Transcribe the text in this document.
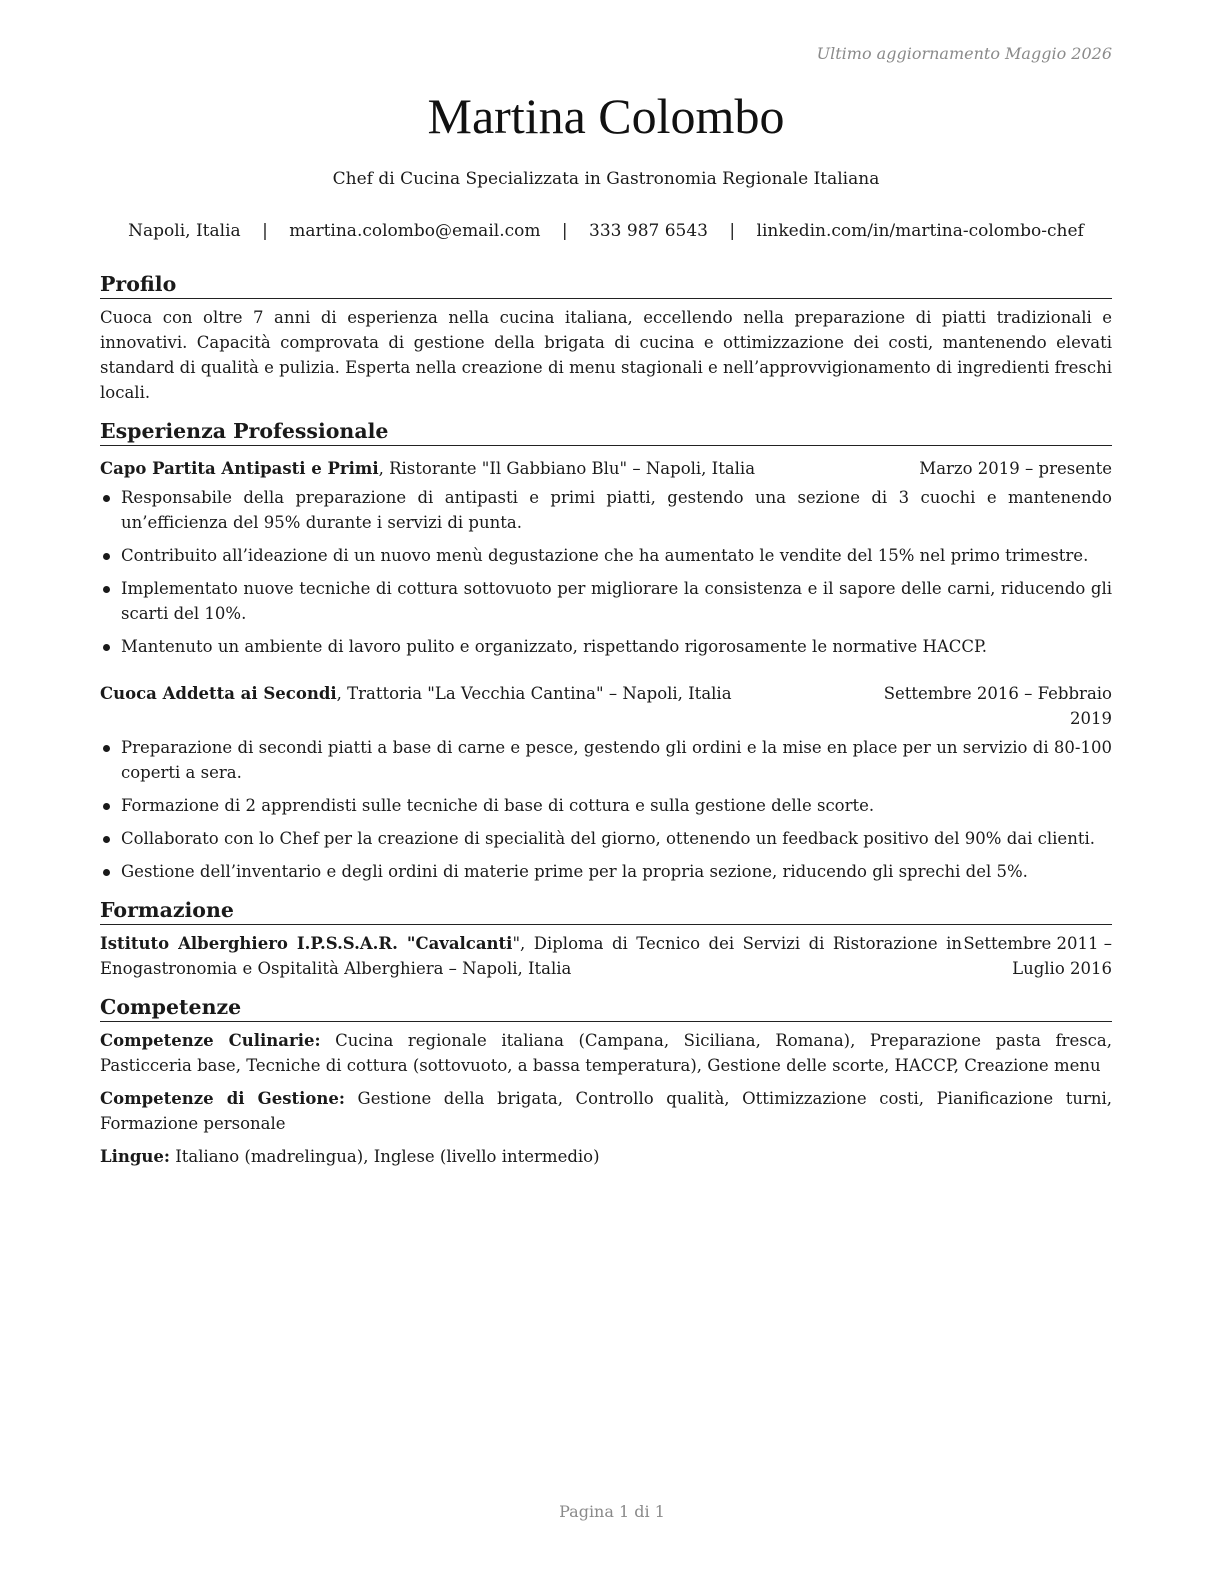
Ultimo aggiornamento Maggio 2026
Martina Colombo
Chef di Cucina Specializzata in Gastronomia Regionale Italiana
Napoli, Italia | martina.colombo@email.com | 333 987 6543 | linkedin.com/in/martina-colombo-chef
Profilo

Cuoca con oltre 7 anni di esperienza nella cucina italiana, eccellendo nella preparazione di piatti tradizionali e innovativi. Capacità comprovata di gestione della brigata di cucina e ottimizzazione dei costi, mantenendo elevati standard di qualità e pulizia. Esperta nella creazione di menu stagionali e nell’approvvigionamento di ingredienti freschi locali.

Esperienza Professionale
Capo Partita Antipasti e Primi, Ristorante "Il Gabbiano Blu" – Napoli, Italia	Marzo 2019 – presente
Responsabile della preparazione di antipasti e primi piatti, gestendo una sezione di 3 cuochi e mantenendo un’efficienza del 95% durante i servizi di punta.
Contribuito all’ideazione di un nuovo menù degustazione che ha aumentato le vendite del 15% nel primo trimestre.
Implementato nuove tecniche di cottura sottovuoto per migliorare la consistenza e il sapore delle carni, riducendo gli scarti del 10%.
Mantenuto un ambiente di lavoro pulito e organizzato, rispettando rigorosamente le normative HACCP.
Cuoca Addetta ai Secondi, Trattoria "La Vecchia Cantina" – Napoli, Italia	Settembre 2016 – Febbraio 2019
Preparazione di secondi piatti a base di carne e pesce, gestendo gli ordini e la mise en place per un servizio di 80-100 coperti a sera.
Formazione di 2 apprendisti sulle tecniche di base di cottura e sulla gestione delle scorte.
Collaborato con lo Chef per la creazione di specialità del giorno, ottenendo un feedback positivo del 90% dai clienti.
Gestione dell’inventario e degli ordini di materie prime per la propria sezione, riducendo gli sprechi del 5%.
Formazione
Istituto Alberghiero I.P.S.S.A.R. "Cavalcanti", Diploma di Tecnico dei Servizi di Ristorazione in Enogastronomia e Ospitalità Alberghiera – Napoli, Italia
Settembre 2011 – Luglio 2016
Competenze

Competenze Culinarie: Cucina regionale italiana (Campana, Siciliana, Romana), Preparazione pasta fresca, Pasticceria base, Tecniche di cottura (sottovuoto, a bassa temperatura), Gestione delle scorte, HACCP, Creazione menu

Competenze di Gestione: Gestione della brigata, Controllo qualità, Ottimizzazione costi, Pianificazione turni, Formazione personale

Lingue: Italiano (madrelingua), Inglese (livello intermedio)

Pagina 1 di 1
